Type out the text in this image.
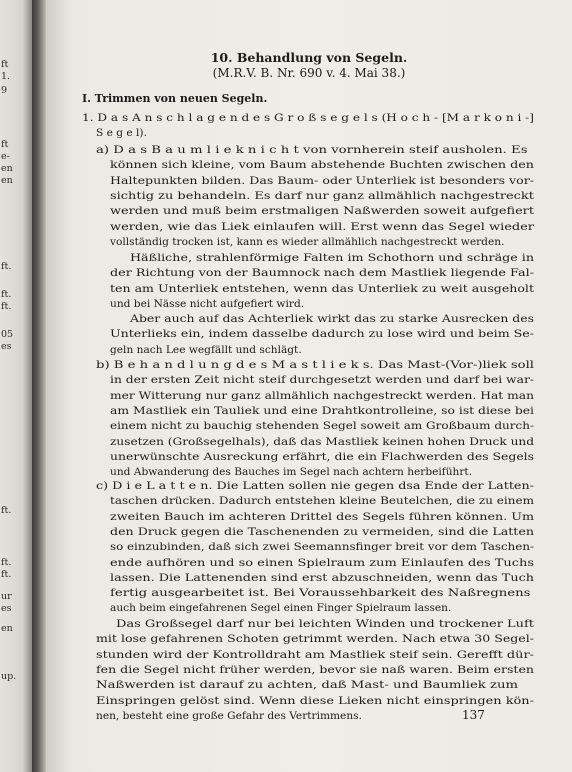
ft
1.
9
ft
e-
en
en
ft.
ft.
ft.
05
es
ft.
ft.
ft.
ur
es
en
up.
10. Behandlung von Segeln.
(M.R.V. B. Nr. 690 v. 4. Mai 38.)
I. Trimmen von neuen Segeln.
1. D a s A n s c h l a g e n d e s G r o ß s e g e l s (H o c h - [M a r k o n i -]
S e g e l).
a) D a s B a u m l i e k n i c h t von vornherein steif ausholen. Es
können sich kleine, vom Baum abstehende Buchten zwischen den
Haltepunkten bilden. Das Baum- oder Unterliek ist besonders vor-
sichtig zu behandeln. Es darf nur ganz allmählich nachgestreckt
werden und muß beim erstmaligen Naßwerden soweit aufgefiert
werden, wie das Liek einlaufen will. Erst wenn das Segel wieder
vollständig trocken ist, kann es wieder allmählich nachgestreckt werden.
Häßliche, strahlenförmige Falten im Schothorn und schräge in
der Richtung von der Baumnock nach dem Mastliek liegende Fal-
ten am Unterliek entstehen, wenn das Unterliek zu weit ausgeholt
und bei Nässe nicht aufgefiert wird.
Aber auch auf das Achterliek wirkt das zu starke Ausrecken des
Unterlieks ein, indem dasselbe dadurch zu lose wird und beim Se-
geln nach Lee wegfällt und schlägt.
b) B e h a n d l u n g d e s M a s t l i e k s. Das Mast-(Vor-)liek soll
in der ersten Zeit nicht steif durchgesetzt werden und darf bei war-
mer Witterung nur ganz allmählich nachgestreckt werden. Hat man
am Mastliek ein Tauliek und eine Drahtkontrolleine, so ist diese bei
einem nicht zu bauchig stehenden Segel soweit am Großbaum durch-
zusetzen (Großsegelhals), daß das Mastliek keinen hohen Druck und
unerwünschte Ausreckung erfährt, die ein Flachwerden des Segels
und Abwanderung des Bauches im Segel nach achtern herbeiführt.
c) D i e L a t t e n. Die Latten sollen nie gegen dsa Ende der Latten-
taschen drücken. Dadurch entstehen kleine Beutelchen, die zu einem
zweiten Bauch im achteren Drittel des Segels führen können. Um
den Druck gegen die Taschenenden zu vermeiden, sind die Latten
so einzubinden, daß sich zwei Seemannsfinger breit vor dem Taschen-
ende aufhören und so einen Spielraum zum Einlaufen des Tuchs
lassen. Die Lattenenden sind erst abzuschneiden, wenn das Tuch
fertig ausgearbeitet ist. Bei Voraussehbarkeit des Naßregnens
auch beim eingefahrenen Segel einen Finger Spielraum lassen.
Das Großsegel darf nur bei leichten Winden und trockener Luft
mit lose gefahrenen Schoten getrimmt werden. Nach etwa 30 Segel-
stunden wird der Kontrolldraht am Mastliek steif sein. Gerefft dür-
fen die Segel nicht früher werden, bevor sie naß waren. Beim ersten
Naßwerden ist darauf zu achten, daß Mast- und Baumliek zum
Einspringen gelöst sind. Wenn diese Lieken nicht einspringen kön-
nen, besteht eine große Gefahr des Vertrimmens.	137
